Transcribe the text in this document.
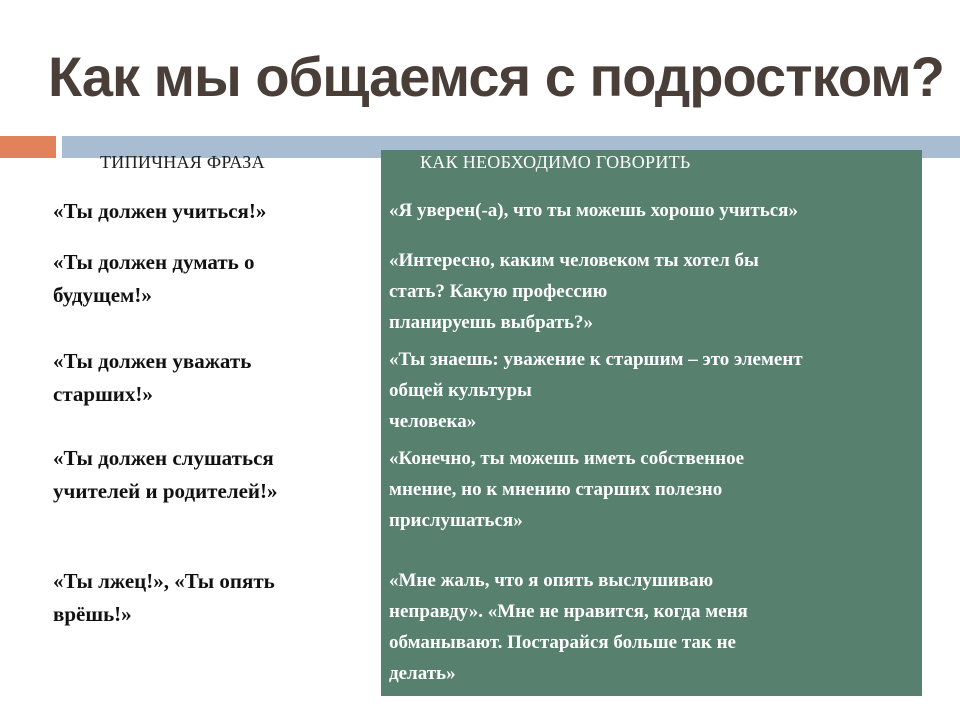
Как мы общаемся с подростком?
ТИПИЧНАЯ ФРАЗА	КАК НЕОБХОДИМО ГОВОРИТЬ
«Ты должен учиться!»	«Я уверен(-а), что ты можешь хорошо учиться»
«Ты должен думать о
будущем!»
«Интересно, каким человеком ты хотел бы
стать? Какую профессию
планируешь выбрать?»
«Ты должен уважать
старших!»
«Ты знаешь: уважение к старшим – это элемент
общей культуры
человека»
«Ты должен слушаться
учителей и родителей!»
«Конечно, ты можешь иметь собственное
мнение, но к мнению старших полезно
прислушаться»
«Ты лжец!», «Ты опять
врёшь!»
«Мне жаль, что я опять выслушиваю
неправду». «Мне не нравится, когда меня
обманывают. Постарайся больше так не
делать»
